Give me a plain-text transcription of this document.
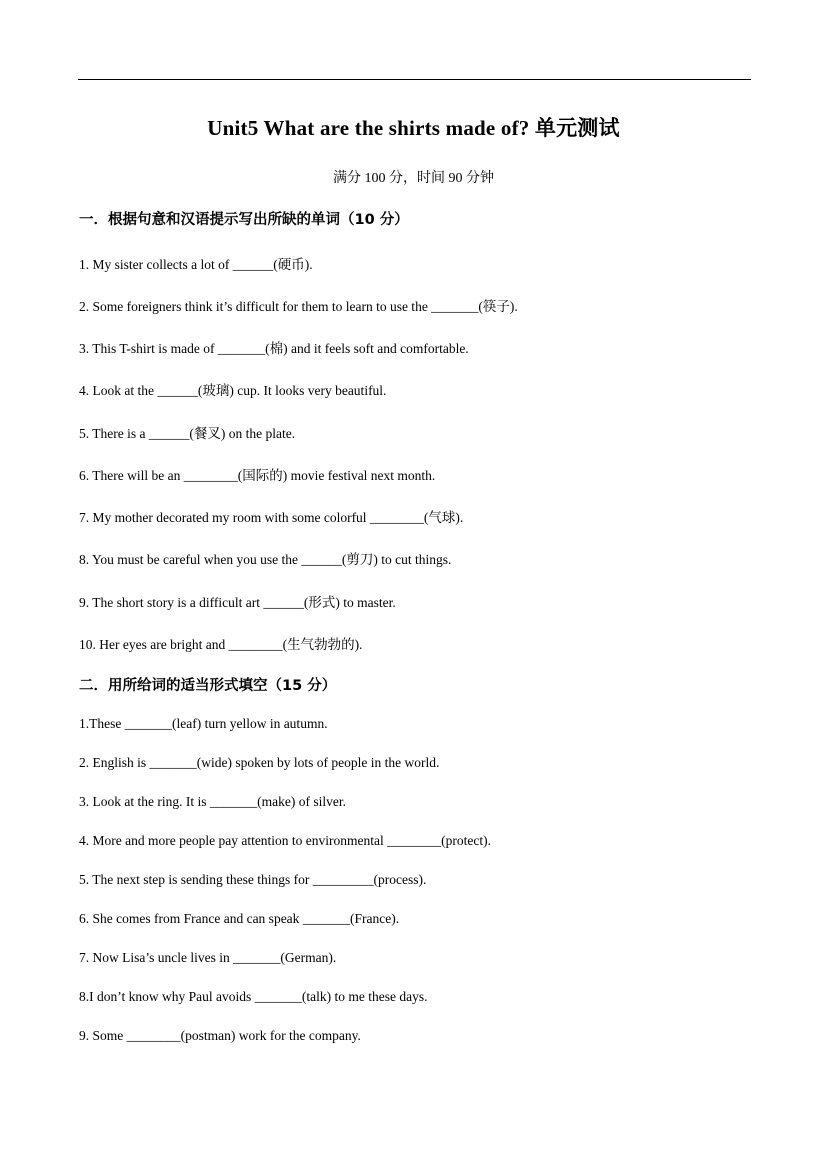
Unit5 What are the shirts made of? 单元测试
满分 100 分，时间 90 分钟
一．根据句意和汉语提示写出所缺的单词（10 分）
1. My sister collects a lot of ______(硬币).
2. Some foreigners think it’s difficult for them to learn to use the _______(筷子).
3. This T-shirt is made of _______(棉) and it feels soft and comfortable.
4. Look at the ______(玻璃) cup. It looks very beautiful.
5. There is a ______(餐叉) on the plate.
6. There will be an ________(国际的) movie festival next month.
7. My mother decorated my room with some colorful ________(气球).
8. You must be careful when you use the ______(剪刀) to cut things.
9. The short story is a difficult art ______(形式) to master.
10. Her eyes are bright and ________(生气勃勃的).
二．用所给词的适当形式填空（15 分）
1.These _______(leaf) turn yellow in autumn.
2. English is _______(wide) spoken by lots of people in the world.
3. Look at the ring. It is _______(make) of silver.
4. More and more people pay attention to environmental ________(protect).
5. The next step is sending these things for _________(process).
6. She comes from France and can speak _______(France).
7. Now Lisa’s uncle lives in _______(German).
8.I don’t know why Paul avoids _______(talk) to me these days.
9. Some ________(postman) work for the company.
